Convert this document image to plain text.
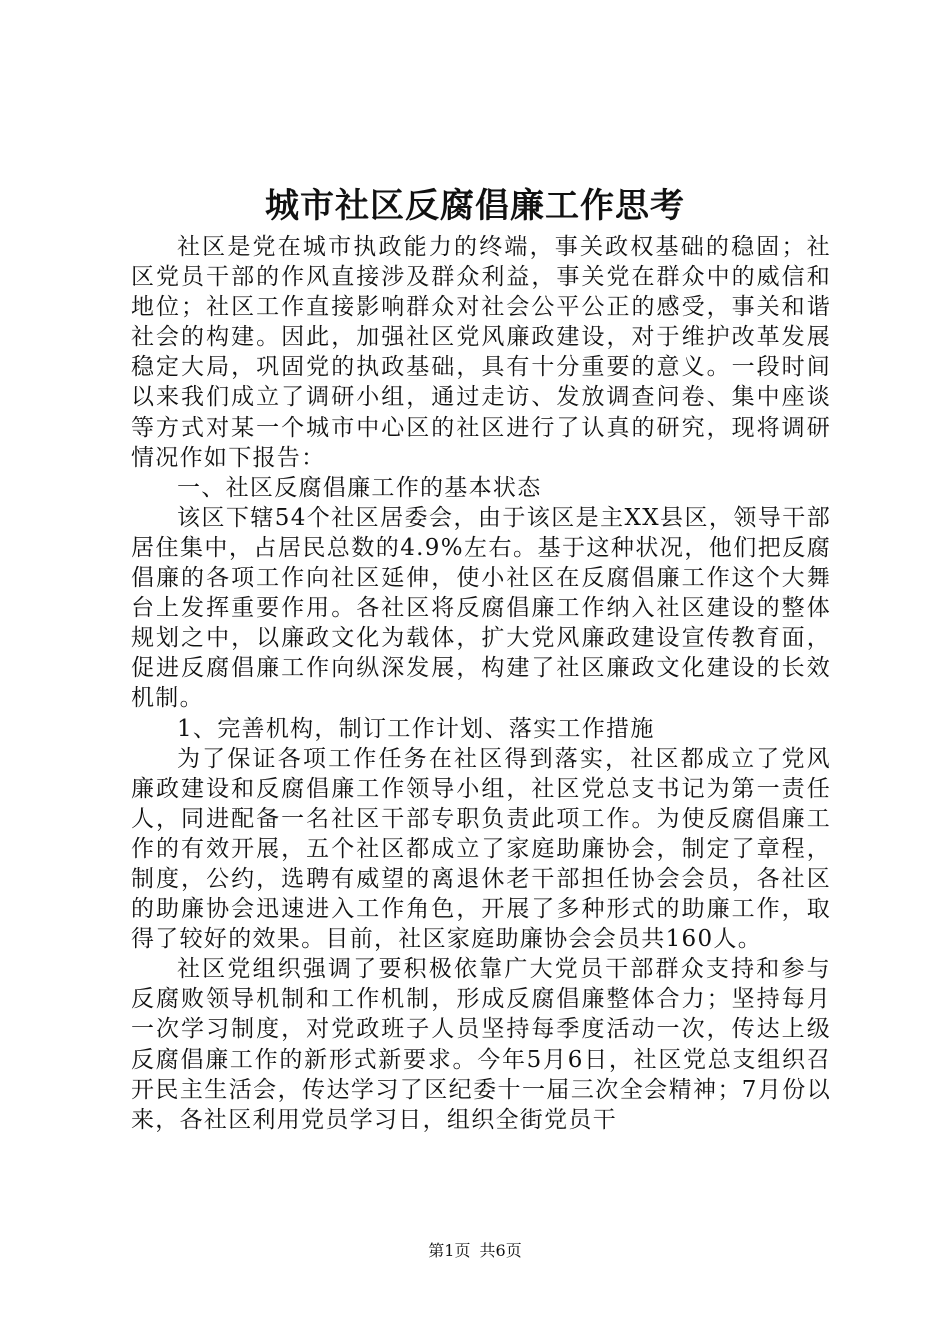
城市社区反腐倡廉工作思考

社区是党在城市执政能力的终端，事关政权基础的稳固；社区党员干部的作风直接涉及群众利益，事关党在群众中的威信和地位；社区工作直接影响群众对社会公平公正的感受，事关和谐社会的构建。因此，加强社区党风廉政建设，对于维护改革发展稳定大局，巩固党的执政基础，具有十分重要的意义。一段时间以来我们成立了调研小组，通过走访、发放调查问卷、集中座谈等方式对某一个城市中心区的社区进行了认真的研究，现将调研情况作如下报告：

一、社区反腐倡廉工作的基本状态

该区下辖54个社区居委会，由于该区是主XX县区，领导干部居住集中，占居民总数的4.9%左右。基于这种状况，他们把反腐倡廉的各项工作向社区延伸，使小社区在反腐倡廉工作这个大舞台上发挥重要作用。各社区将反腐倡廉工作纳入社区建设的整体规划之中，以廉政文化为载体，扩大党风廉政建设宣传教育面，促进反腐倡廉工作向纵深发展，构建了社区廉政文化建设的长效机制。

1、完善机构，制订工作计划、落实工作措施

为了保证各项工作任务在社区得到落实，社区都成立了党风廉政建设和反腐倡廉工作领导小组，社区党总支书记为第一责任人，同进配备一名社区干部专职负责此项工作。为使反腐倡廉工作的有效开展，五个社区都成立了家庭助廉协会，制定了章程，制度，公约，选聘有威望的离退休老干部担任协会会员，各社区的助廉协会迅速进入工作角色，开展了多种形式的助廉工作，取得了较好的效果。目前，社区家庭助廉协会会员共160人。

社区党组织强调了要积极依靠广大党员干部群众支持和参与反腐败领导机制和工作机制，形成反腐倡廉整体合力；坚持每月一次学习制度，对党政班子人员坚持每季度活动一次，传达上级反腐倡廉工作的新形式新要求。今年5月6日，社区党总支组织召开民主生活会，传达学习了区纪委十一届三次全会精神；7月份以来，各社区利用党员学习日，组织全街党员干

第1页 共6页
